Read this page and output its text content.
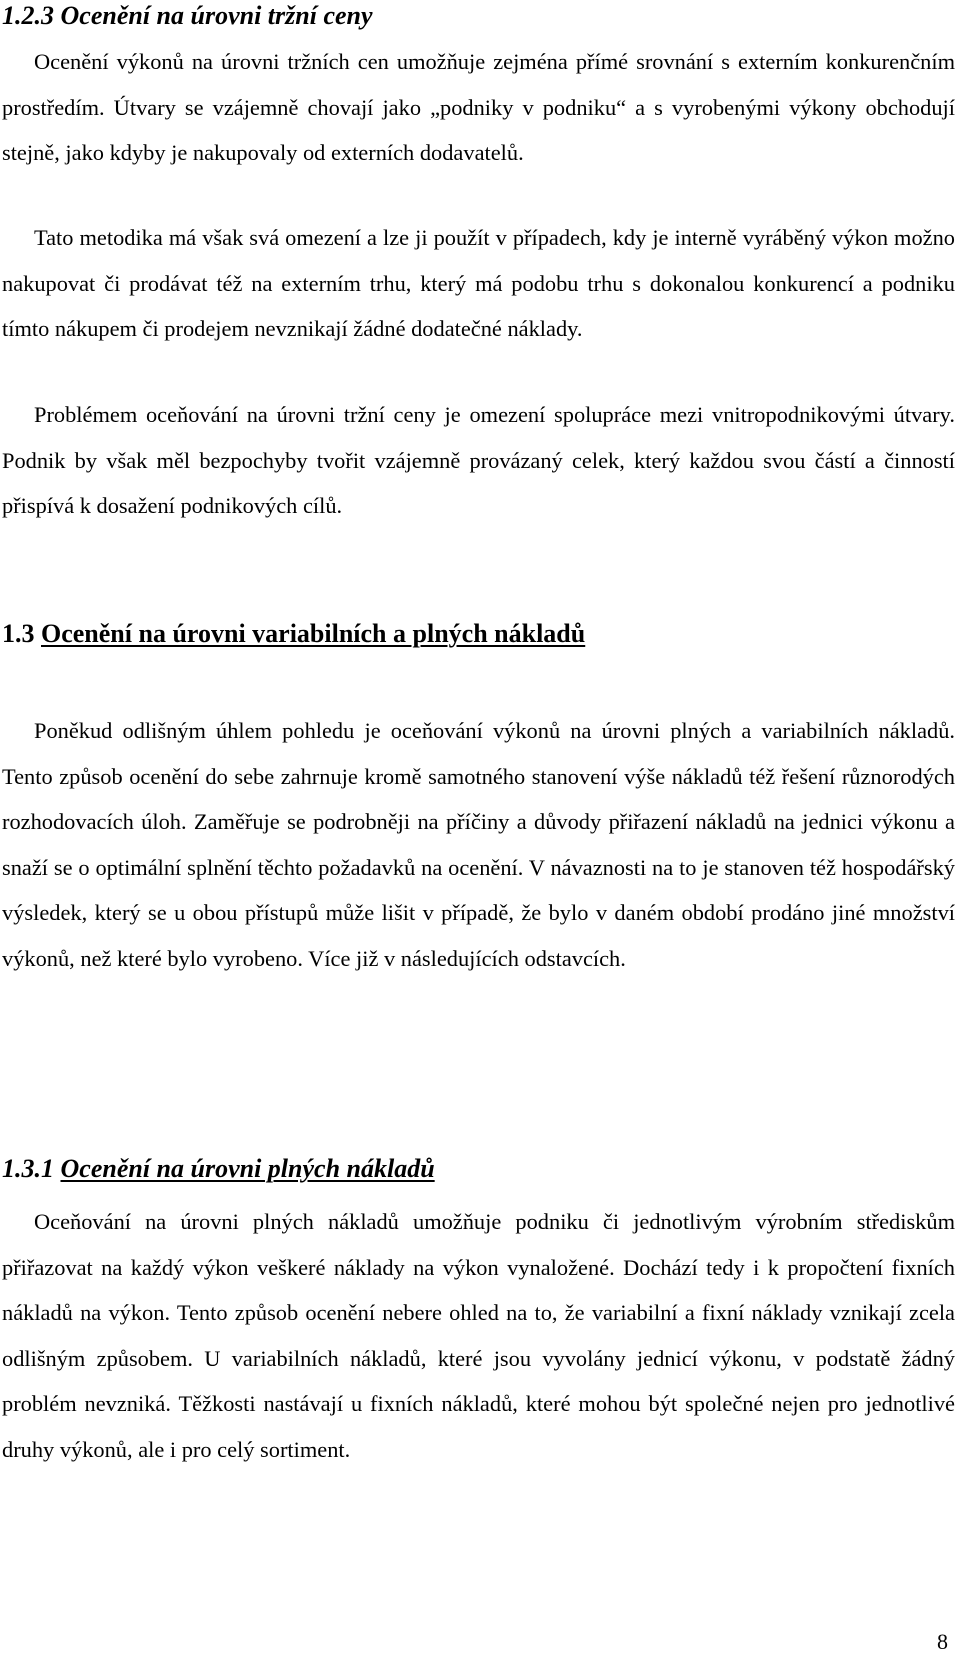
1.2.3 Ocenění na úrovni tržní ceny

Ocenění výkonů na úrovni tržních cen umožňuje zejména přímé srovnání s externím konkurenčním prostředím. Útvary se vzájemně chovají jako „podniky v podniku“ a s vyrobenými výkony obchodují stejně, jako kdyby je nakupovaly od externích dodavatelů.

Tato metodika má však svá omezení a lze ji použít v případech, kdy je interně vyráběný výkon možno nakupovat či prodávat též na externím trhu, který má podobu trhu s dokonalou konkurencí a podniku tímto nákupem či prodejem nevznikají žádné dodatečné náklady.

Problémem oceňování na úrovni tržní ceny je omezení spolupráce mezi vnitropodnikovými útvary. Podnik by však měl bezpochyby tvořit vzájemně provázaný celek, který každou svou částí a činností přispívá k dosažení podnikových cílů.

1.3 Ocenění na úrovni variabilních a plných nákladů

Poněkud odlišným úhlem pohledu je oceňování výkonů na úrovni plných a variabilních nákladů. Tento způsob ocenění do sebe zahrnuje kromě samotného stanovení výše nákladů též řešení různorodých rozhodovacích úloh. Zaměřuje se podrobněji na příčiny a důvody přiřazení nákladů na jednici výkonu a snaží se o optimální splnění těchto požadavků na ocenění. V návaznosti na to je stanoven též hospodářský výsledek, který se u obou přístupů může lišit v případě, že bylo v daném období prodáno jiné množství výkonů, než které bylo vyrobeno. Více již v následujících odstavcích.

1.3.1 Ocenění na úrovni plných nákladů

Oceňování na úrovni plných nákladů umožňuje podniku či jednotlivým výrobním střediskům přiřazovat na každý výkon veškeré náklady na výkon vynaložené. Dochází tedy i k propočtení fixních nákladů na výkon. Tento způsob ocenění nebere ohled na to, že variabilní a fixní náklady vznikají zcela odlišným způsobem. U variabilních nákladů, které jsou vyvolány jednicí výkonu, v podstatě žádný problém nevzniká. Těžkosti nastávají u fixních nákladů, které mohou být společné nejen pro jednotlivé druhy výkonů, ale i pro celý sortiment.

8
